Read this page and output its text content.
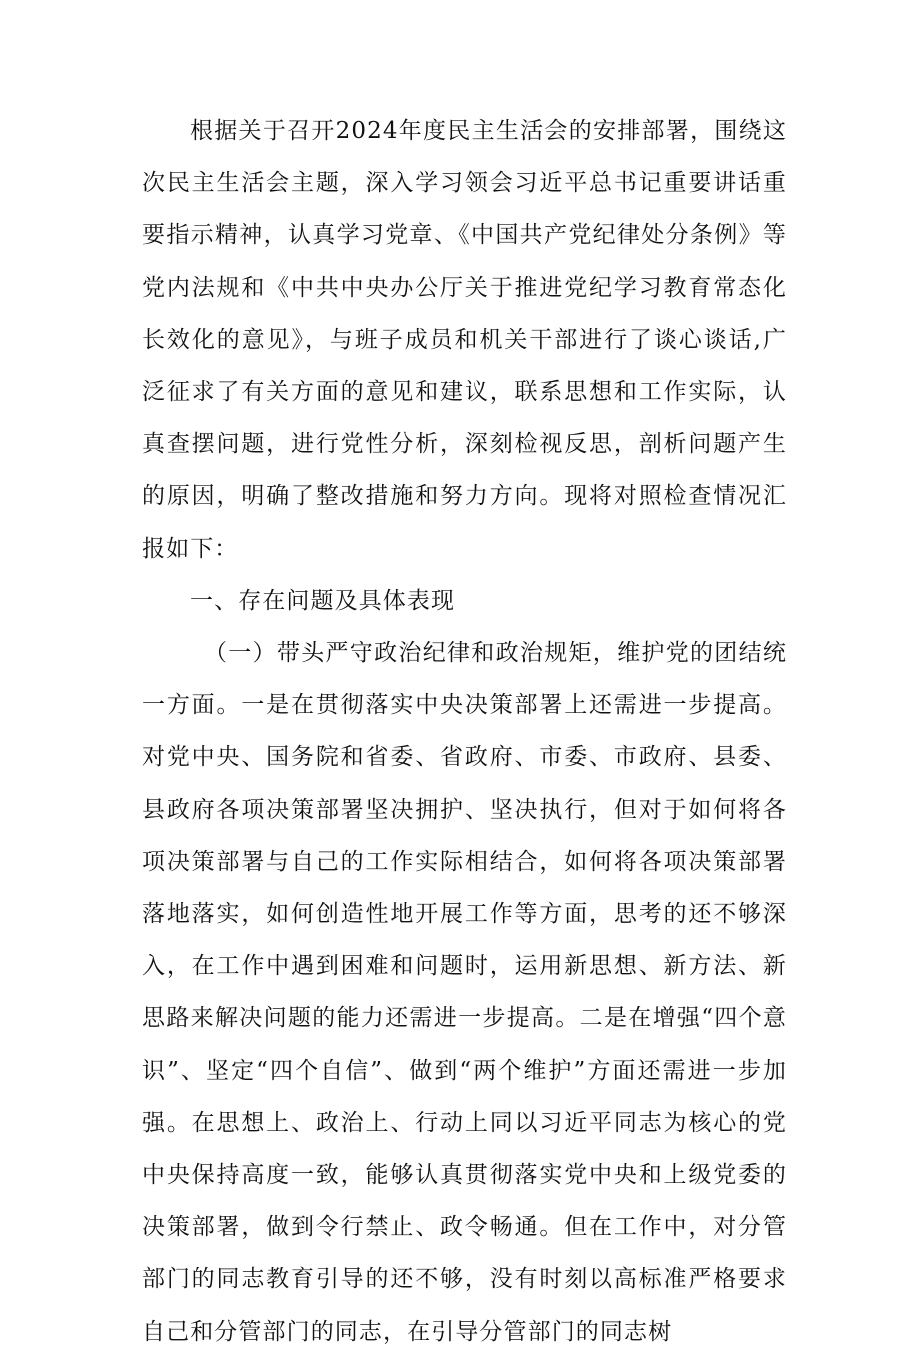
根据关于召开2024年度民主生活会的安排部署，围绕这次民主生活会主题，深入学习领会习近平总书记重要讲话重要指示精神，认真学习党章、《中国共产党纪律处分条例》等党内法规和《中共中央办公厅关于推进党纪学习教育常态化长效化的意见》，与班子成员和机关干部进行了谈心谈话,广泛征求了有关方面的意见和建议，联系思想和工作实际，认真查摆问题，进行党性分析，深刻检视反思，剖析问题产生的原因，明确了整改措施和努力方向。现将对照检查情况汇报如下：

一、存在问题及具体表现

（一）带头严守政治纪律和政治规矩，维护党的团结统一方面。一是在贯彻落实中央决策部署上还需进一步提高。对党中央、国务院和省委、省政府、市委、市政府、县委、县政府各项决策部署坚决拥护、坚决执行，但对于如何将各项决策部署与自己的工作实际相结合，如何将各项决策部署落地落实，如何创造性地开展工作等方面，思考的还不够深入，在工作中遇到困难和问题时，运用新思想、新方法、新思路来解决问题的能力还需进一步提高。二是在增强“四个意识”、坚定“四个自信”、做到“两个维护”方面还需进一步加强。在思想上、政治上、行动上同以习近平同志为核心的党中央保持高度一致，能够认真贯彻落实党中央和上级党委的决策部署，做到令行禁止、政令畅通。但在工作中，对分管部门的同志教育引导的还不够，没有时刻以高标准严格要求自己和分管部门的同志，在引导分管部门的同志树
